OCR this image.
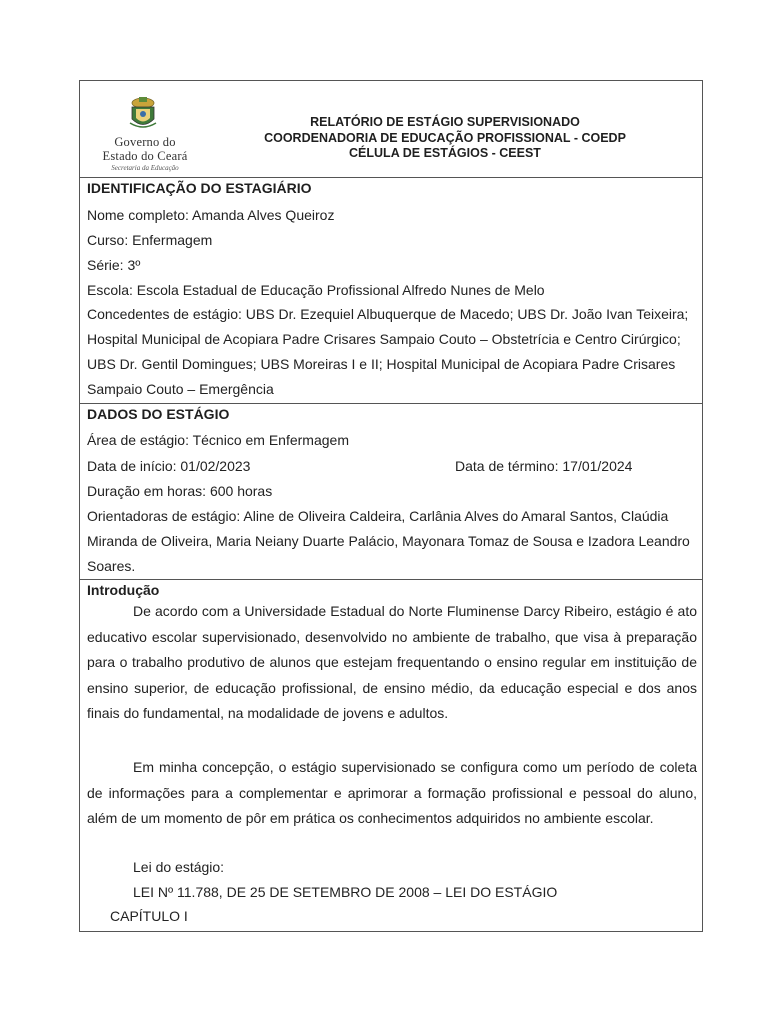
Governo do
Estado do Ceará
Secretaria da Educação
RELATÓRIO DE ESTÁGIO SUPERVISIONADO
COORDENADORIA DE EDUCAÇÃO PROFISSIONAL - COEDP
CÉLULA DE ESTÁGIOS - CEEST
IDENTIFICAÇÃO DO ESTAGIÁRIO
Nome completo: Amanda Alves Queiroz
Curso: Enfermagem
Série: 3º
Escola: Escola Estadual de Educação Profissional Alfredo Nunes de Melo
Concedentes de estágio: UBS Dr. Ezequiel Albuquerque de Macedo; UBS Dr. João Ivan Teixeira; Hospital Municipal de Acopiara Padre Crisares Sampaio Couto – Obstetrícia e Centro Cirúrgico; UBS Dr. Gentil Domingues; UBS Moreiras I e II; Hospital Municipal de Acopiara Padre Crisares Sampaio Couto – Emergência
DADOS DO ESTÁGIO
Área de estágio: Técnico em Enfermagem
Data de início: 01/02/2023	Data de término: 17/01/2024
Duração em horas: 600 horas
Orientadoras de estágio: Aline de Oliveira Caldeira, Carlânia Alves do Amaral Santos, Claúdia Miranda de Oliveira, Maria Neiany Duarte Palácio, Mayonara Tomaz de Sousa e Izadora Leandro Soares.
Introdução
De acordo com a Universidade Estadual do Norte Fluminense Darcy Ribeiro, estágio é ato educativo escolar supervisionado, desenvolvido no ambiente de trabalho, que visa à preparação para o trabalho produtivo de alunos que estejam frequentando o ensino regular em instituição de ensino superior, de educação profissional, de ensino médio, da educação especial e dos anos finais do fundamental, na modalidade de jovens e adultos.
Em minha concepção, o estágio supervisionado se configura como um período de coleta de informações para a complementar e aprimorar a formação profissional e pessoal do aluno, além de um momento de pôr em prática os conhecimentos adquiridos no ambiente escolar.
Lei do estágio:
LEI Nº 11.788, DE 25 DE SETEMBRO DE 2008 – LEI DO ESTÁGIO
CAPÍTULO I
